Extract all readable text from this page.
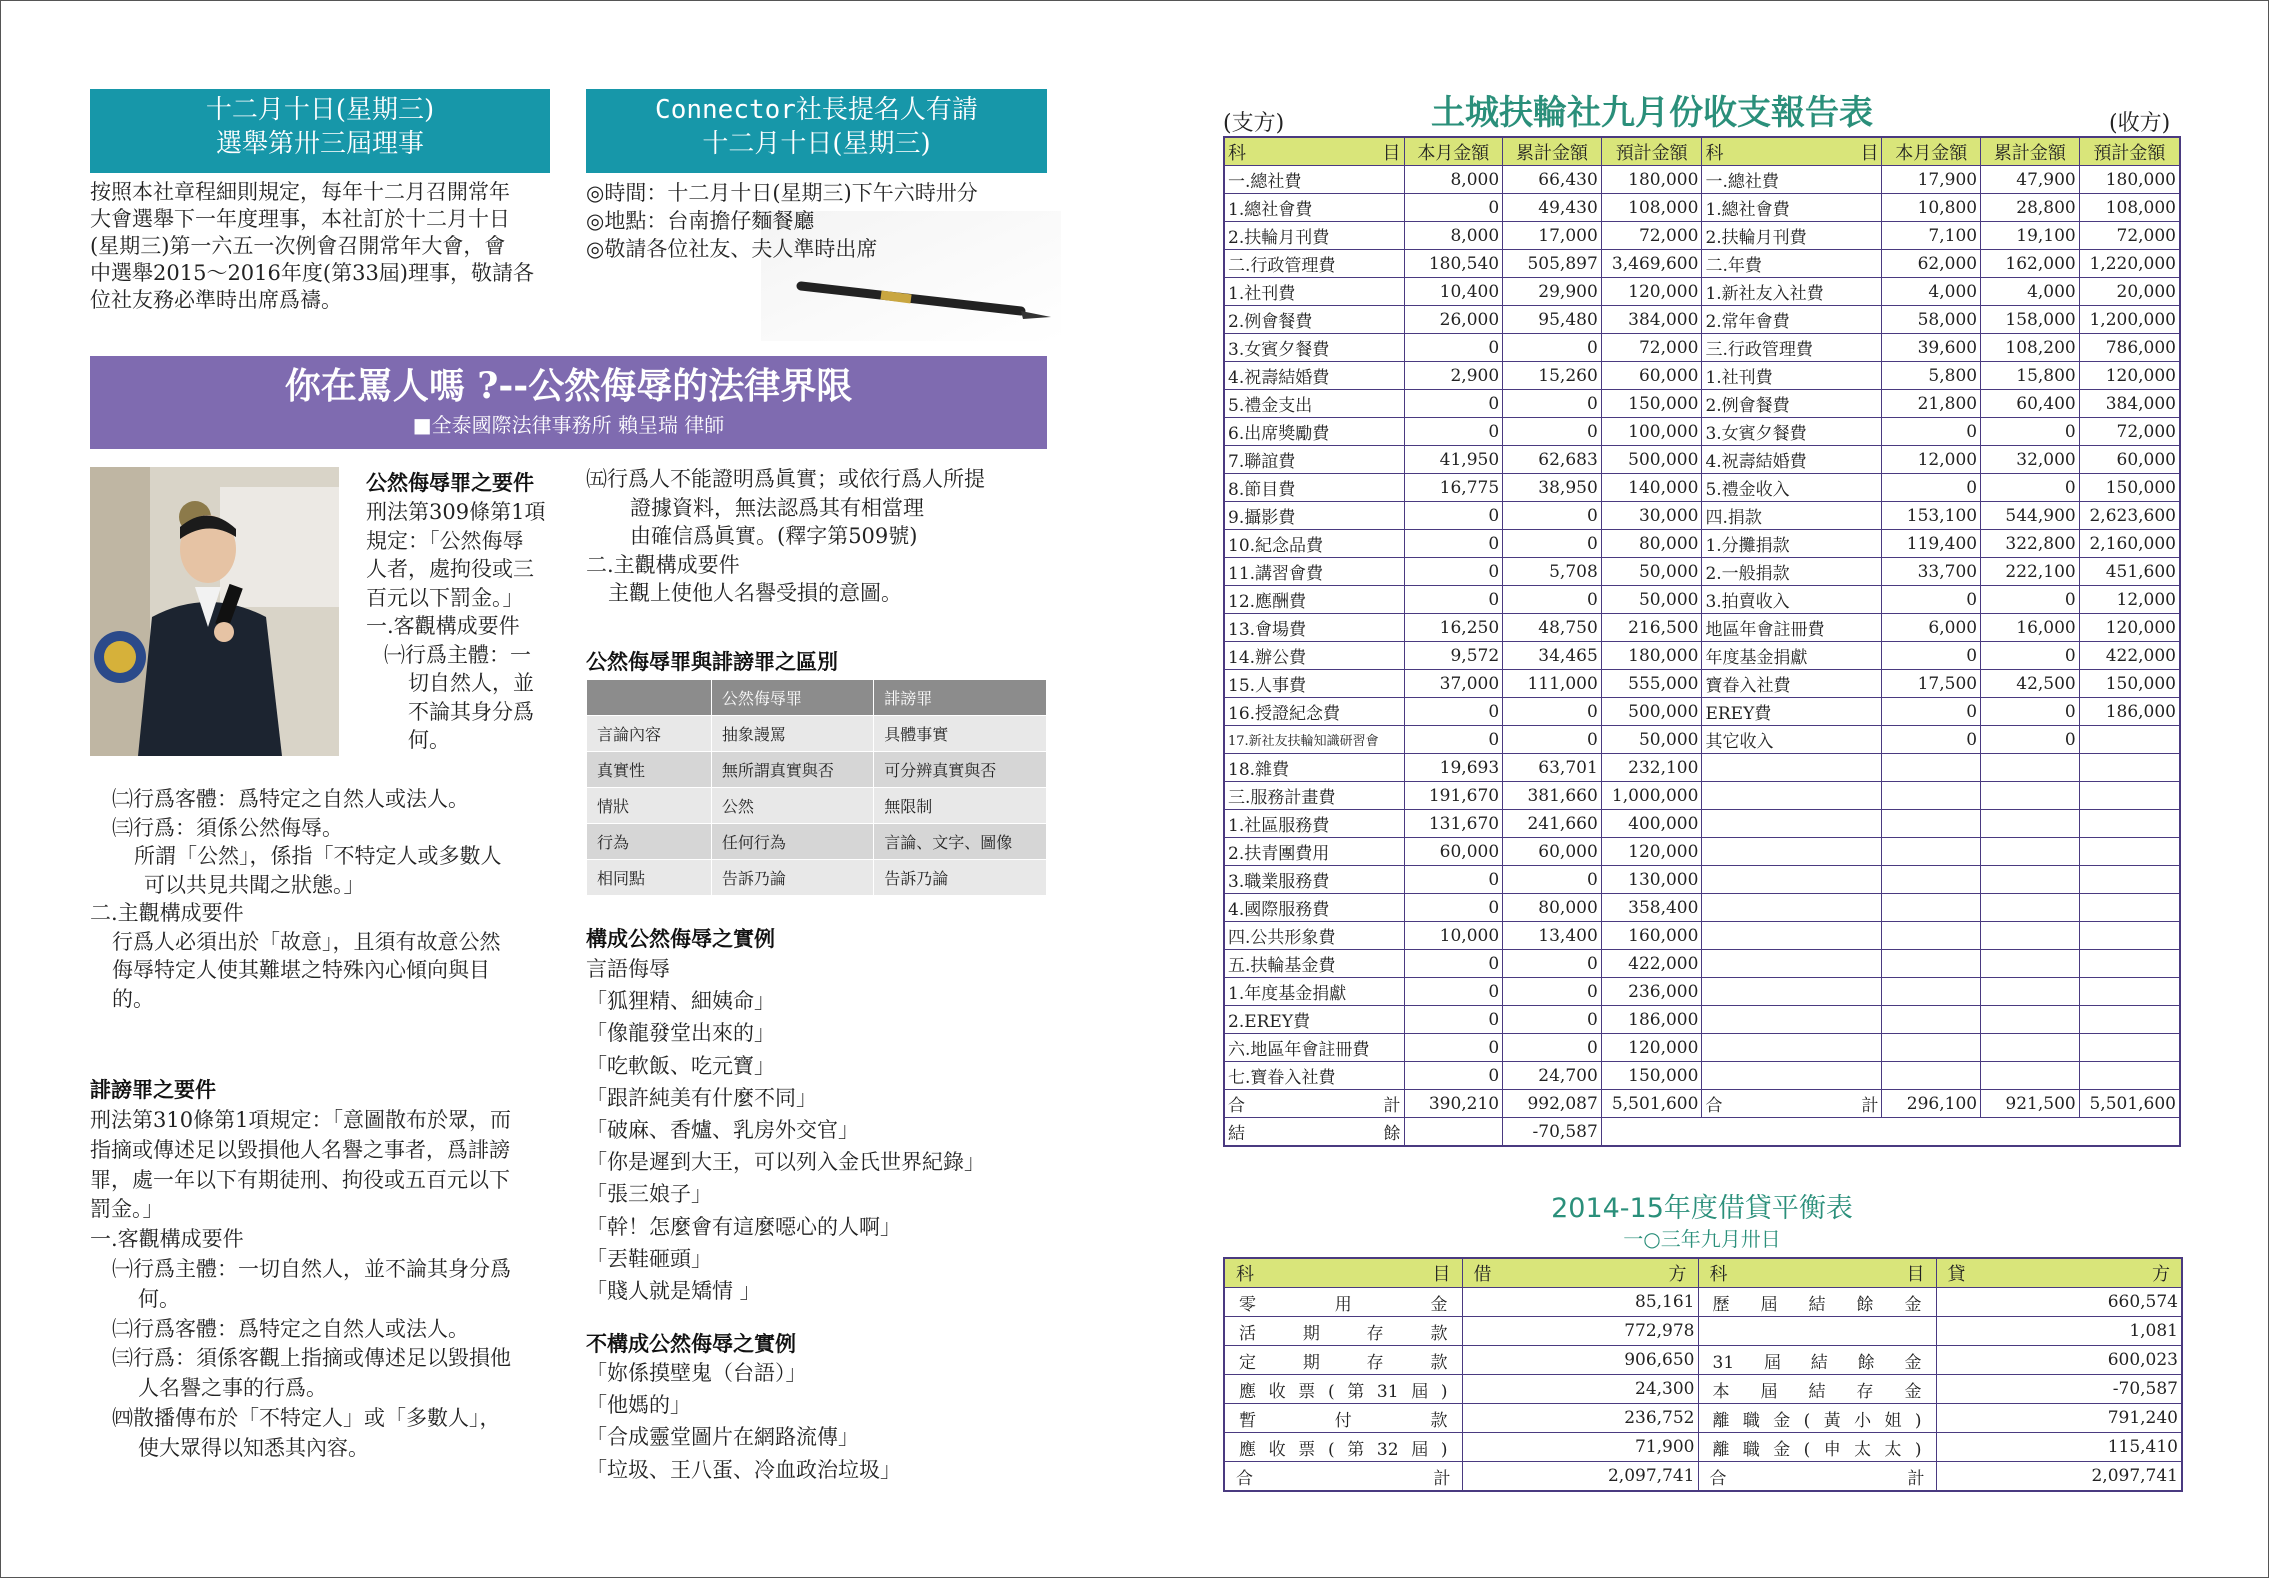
十二月十日(星期三)
選舉第卅三屆理事
Connector社長提名人有請
十二月十日(星期三)
按照本社章程細則規定，每年十二月召開常年
大會選舉下一年度理事，本社訂於十二月十日
(星期三)第一六五一次例會召開常年大會，會
中選舉2015～2016年度(第33屆)理事，敬請各
位社友務必準時出席爲禱。
◎時間：十二月十日(星期三)下午六時卅分
◎地點：台南擔仔麵餐廳
◎敬請各位社友、夫人準時出席
你在罵人嗎 ?--公然侮辱的法律界限
■全泰國際法律事務所 賴呈瑞 律師
公然侮辱罪之要件
刑法第309條第1項
規定：「公然侮辱
人者，處拘役或三
百元以下罰金。」
一.客觀構成要件
㈠行爲主體：一
切自然人，並
不論其身分爲
何。
㈡行爲客體：爲特定之自然人或法人。
㈢行爲：須係公然侮辱。
所謂「公然」，係指「不特定人或多數人
可以共見共聞之狀態。」
二.主觀構成要件
行爲人必須出於「故意」，且須有故意公然
侮辱特定人使其難堪之特殊內心傾向與目
的。
誹謗罪之要件
刑法第310條第1項規定：「意圖散布於眾，而
指摘或傳述足以毀損他人名譽之事者，爲誹謗
罪，處一年以下有期徒刑、拘役或五百元以下
罰金。」
一.客觀構成要件
㈠行爲主體：一切自然人，並不論其身分爲
何。
㈡行爲客體：爲特定之自然人或法人。
㈢行爲：須係客觀上指摘或傳述足以毀損他
人名譽之事的行爲。
㈣散播傳布於「不特定人」或「多數人」，
使大眾得以知悉其內容。
㈤行爲人不能證明爲眞實；或依行爲人所提
證據資料，無法認爲其有相當理
由確信爲眞實。(釋字第509號)
二.主觀構成要件
主觀上使他人名譽受損的意圖。
公然侮辱罪與誹謗罪之區別
	公然侮辱罪	誹謗罪
言論內容	抽象謾罵	具體事實
真實性	無所謂真實與否	可分辨真實與否
情狀	公然	無限制
行為	任何行為	言論、文字、圖像
相同點	告訴乃論	告訴乃論
構成公然侮辱之實例
言語侮辱
「狐狸精、細姨命」
「像龍發堂出來的」
「吃軟飯、吃元寶」
「跟許純美有什麼不同」
「破麻、香爐、乳房外交官」
「你是遲到大王，可以列入金氏世界紀錄」
「張三娘子」
「幹！怎麼會有這麼噁心的人啊」
「丟鞋砸頭」
「賤人就是矯情 」
不構成公然侮辱之實例
「妳係摸壁鬼（台語）」
「他媽的」
「合成靈堂圖片在網路流傳」
「垃圾、王八蛋、冷血政治垃圾」
(支方)	土城扶輪社九月份收支報告表	(收方)
科 目	本月金額	累計金額	預計金額	科 目	本月金額	累計金額	預計金額
一.總社費	8,000	66,430	180,000	一.總社費	17,900	47,900	180,000
1.總社會費	0	49,430	108,000	1.總社會費	10,800	28,800	108,000
2.扶輪月刊費	8,000	17,000	72,000	2.扶輪月刊費	7,100	19,100	72,000
二.行政管理費	180,540	505,897	3,469,600	二.年費	62,000	162,000	1,220,000
1.社刊費	10,400	29,900	120,000	1.新社友入社費	4,000	4,000	20,000
2.例會餐費	26,000	95,480	384,000	2.常年會費	58,000	158,000	1,200,000
3.女賓夕餐費	0	0	72,000	三.行政管理費	39,600	108,200	786,000
4.祝壽結婚費	2,900	15,260	60,000	1.社刊費	5,800	15,800	120,000
5.禮金支出	0	0	150,000	2.例會餐費	21,800	60,400	384,000
6.出席獎勵費	0	0	100,000	3.女賓夕餐費	0	0	72,000
7.聯誼費	41,950	62,683	500,000	4.祝壽結婚費	12,000	32,000	60,000
8.節目費	16,775	38,950	140,000	5.禮金收入	0	0	150,000
9.攝影費	0	0	30,000	四.捐款	153,100	544,900	2,623,600
10.紀念品費	0	0	80,000	1.分攤捐款	119,400	322,800	2,160,000
11.講習會費	0	5,708	50,000	2.一般捐款	33,700	222,100	451,600
12.應酬費	0	0	50,000	3.拍賣收入	0	0	12,000
13.會場費	16,250	48,750	216,500	地區年會註冊費	6,000	16,000	120,000
14.辦公費	9,572	34,465	180,000	年度基金捐獻	0	0	422,000
15.人事費	37,000	111,000	555,000	寶眷入社費	17,500	42,500	150,000
16.授證紀念費	0	0	500,000	EREY費	0	0	186,000
17.新社友扶輪知識研習會	0	0	50,000	其它收入	0	0	
18.雜費	19,693	63,701	232,100				
三.服務計畫費	191,670	381,660	1,000,000				
1.社區服務費	131,670	241,660	400,000				
2.扶青團費用	60,000	60,000	120,000				
3.職業服務費	0	0	130,000				
4.國際服務費	0	80,000	358,400				
四.公共形象費	10,000	13,400	160,000				
五.扶輪基金費	0	0	422,000				
1.年度基金捐獻	0	0	236,000				
2.EREY費	0	0	186,000				
六.地區年會註冊費	0	0	120,000				
七.寶眷入社費	0	24,700	150,000				
合 計	390,210	992,087	5,501,600	合 計	296,100	921,500	5,501,600
結 餘		-70,587					
2014-15年度借貸平衡表
一○三年九月卅日
科 目	借 方	科 目	貸 方

零用金	85,161	歷屆結餘金	660,574
活期存款	772,978		1,081
定期存款	906,650	31屆結餘金	600,023
應收票(第31屆)	24,300	本屆結存金	-70,587
暫付款	236,752	離職金(黃小姐)	791,240
應收票(第32屆)	71,900	離職金(申太太)	115,410
合 計	2,097,741	合 計	2,097,741
